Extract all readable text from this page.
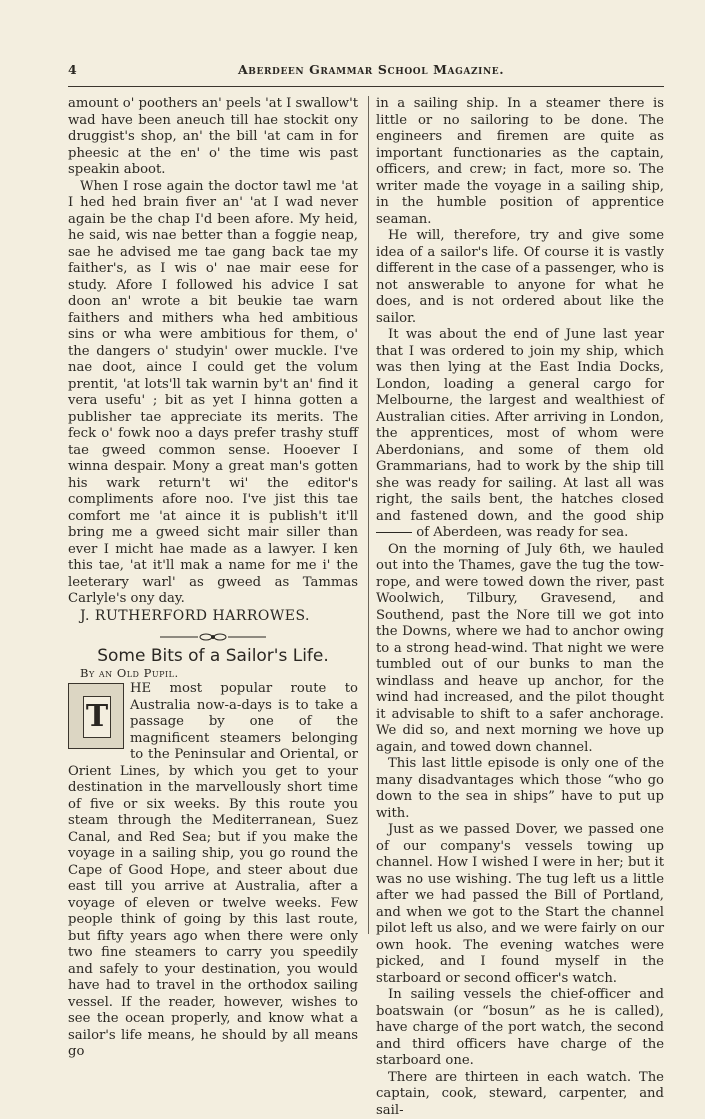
4	Aberdeen Grammar School Magazine.

amount o' poothers an' peels 'at I swallow't wad have been aneuch till hae stockit ony druggist's shop, an' the bill 'at cam in for pheesic at the en' o' the time wis past speakin aboot.

When I rose again the doctor tawl me 'at I hed hed brain fiver an' 'at I wad never again be the chap I'd been afore. My heid, he said, wis nae better than a foggie neap, sae he advised me tae gang back tae my faither's, as I wis o' nae mair eese for study. Afore I followed his advice I sat doon an' wrote a bit beukie tae warn faithers and mithers wha hed ambitious sins or wha were ambitious for them, o' the dangers o' studyin' ower muckle. I've nae doot, aince I could get the volum prentit, 'at lots'll tak warnin by't an' find it vera usefu' ; bit as yet I hinna gotten a publisher tae appreciate its merits. The feck o' fowk noo a days prefer trashy stuff tae gweed common sense. Hooever I winna despair. Mony a great man's gotten his wark return't wi' the editor's compliments afore noo. I've jist this tae comfort me 'at aince it is publish't it'll bring me a gweed sicht mair siller than ever I micht hae made as a lawyer. I ken this tae, 'at it'll mak a name for me i' the leeterary warl' as gweed as Tammas Carlyle's ony day.

J. RUTHERFORD HARROWES.

Some Bits of a Sailor's Life.

By an Old Pupil.

T
HE most popular route to Australia now-a-days is to take a passage by one of the magnificent steamers belonging to the Peninsular and Oriental, or Orient Lines, by which you get to your destination in the marvellously short time of five or six weeks. By this route you steam through the Mediterranean, Suez Canal, and Red Sea; but if you make the voyage in a sailing ship, you go round the Cape of Good Hope, and steer about due east till you arrive at Australia, after a voyage of eleven or twelve weeks. Few people think of going by this last route, but fifty years ago when there were only two fine steamers to carry you speedily and safely to your destination, you would have had to travel in the orthodox sailing vessel. If the reader, however, wishes to see the ocean properly, and know what a sailor's life means, he should by all means go

in a sailing ship. In a steamer there is little or no sailoring to be done. The engineers and firemen are quite as important functionaries as the captain, officers, and crew; in fact, more so. The writer made the voyage in a sailing ship, in the humble position of apprentice seaman.

He will, therefore, try and give some idea of a sailor's life. Of course it is vastly different in the case of a passenger, who is not answerable to anyone for what he does, and is not ordered about like the sailor.

It was about the end of June last year that I was ordered to join my ship, which was then lying at the East India Docks, London, loading a general cargo for Melbourne, the largest and wealthiest of Australian cities. After arriving in London, the apprentices, most of whom were Aberdonians, and some of them old Grammarians, had to work by the ship till she was ready for sailing. At last all was right, the sails bent, the hatches closed and fastened down, and the good ship  of Aberdeen, was ready for sea.

On the morning of July 6th, we hauled out into the Thames, gave the tug the tow-rope, and were towed down the river, past Woolwich, Tilbury, Gravesend, and Southend, past the Nore till we got into the Downs, where we had to anchor owing to a strong head-wind. That night we were tumbled out of our bunks to man the windlass and heave up anchor, for the wind had increased, and the pilot thought it advisable to shift to a safer anchorage. We did so, and next morning we hove up again, and towed down channel.

This last little episode is only one of the many disadvantages which those “who go down to the sea in ships” have to put up with.

Just as we passed Dover, we passed one of our company's vessels towing up channel. How I wished I were in her; but it was no use wishing. The tug left us a little after we had passed the Bill of Portland, and when we got to the Start the channel pilot left us also, and we were fairly on our own hook. The evening watches were picked, and I found myself in the starboard or second officer's watch.

In sailing vessels the chief-officer and boatswain (or “bosun” as he is called), have charge of the port watch, the second and third officers have charge of the starboard one.

There are thirteen in each watch. The captain, cook, steward, carpenter, and sail-
